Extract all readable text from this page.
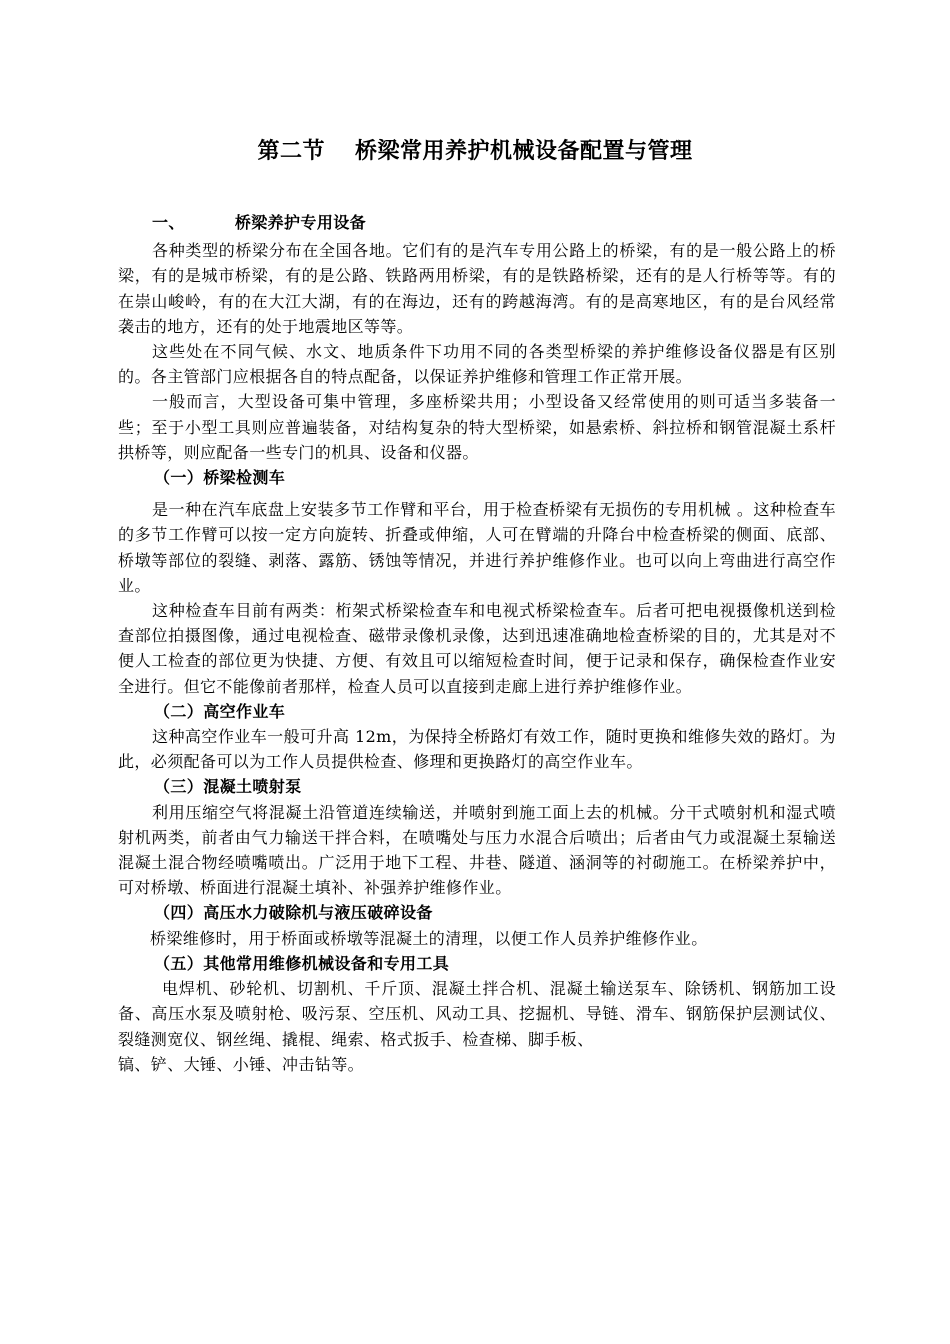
第二节 桥梁常用养护机械设备配置与管理

一、	桥梁养护专用设备

各种类型的桥梁分布在全国各地。它们有的是汽车专用公路上的桥梁，有的是一般公路上的桥梁，有的是城市桥梁，有的是公路、铁路两用桥梁，有的是铁路桥梁，还有的是人行桥等等。有的在崇山峻岭，有的在大江大湖，有的在海边，还有的跨越海湾。有的是高寒地区，有的是台风经常袭击的地方，还有的处于地震地区等等。

这些处在不同气候、水文、地质条件下功用不同的各类型桥梁的养护维修设备仪器是有区别的。各主管部门应根据各自的特点配备，以保证养护维修和管理工作正常开展。

一般而言，大型设备可集中管理，多座桥梁共用；小型设备又经常使用的则可适当多装备一些；至于小型工具则应普遍装备，对结构复杂的特大型桥梁，如悬索桥、斜拉桥和钢管混凝土系杆拱桥等，则应配备一些专门的机具、设备和仪器。

（一）桥梁检测车

是一种在汽车底盘上安装多节工作臂和平台，用于检查桥梁有无损伤的专用机械 。这种检查车的多节工作臂可以按一定方向旋转、折叠或伸缩，人可在臂端的升降台中检查桥梁的侧面、底部、桥墩等部位的裂缝、剥落、露筋、锈蚀等情况，并进行养护维修作业。也可以向上弯曲进行高空作业。

这种检查车目前有两类：桁架式桥梁检查车和电视式桥梁检查车。后者可把电视摄像机送到检查部位拍摄图像，通过电视检查、磁带录像机录像，达到迅速准确地检查桥梁的目的，尤其是对不便人工检查的部位更为快捷、方便、有效且可以缩短检查时间，便于记录和保存，确保检查作业安全进行。但它不能像前者那样，检查人员可以直接到走廊上进行养护维修作业。

（二）高空作业车

这种高空作业车一般可升高 12m，为保持全桥路灯有效工作，随时更换和维修失效的路灯。为此，必须配备可以为工作人员提供检查、修理和更换路灯的高空作业车。

（三）混凝土喷射泵

利用压缩空气将混凝土沿管道连续输送，并喷射到施工面上去的机械。分干式喷射机和湿式喷射机两类，前者由气力输送干拌合料，在喷嘴处与压力水混合后喷出；后者由气力或混凝土泵输送混凝土混合物经喷嘴喷出。广泛用于地下工程、井巷、隧道、涵洞等的衬砌施工。在桥梁养护中，可对桥墩、桥面进行混凝土填补、补强养护维修作业。

（四）高压水力破除机与液压破碎设备

桥梁维修时，用于桥面或桥墩等混凝土的清理，以便工作人员养护维修作业。

（五）其他常用维修机械设备和专用工具

电焊机、砂轮机、切割机、千斤顶、混凝土拌合机、混凝土输送泵车、除锈机、钢筋加工设备、高压水泵及喷射枪、吸污泵、空压机、风动工具、挖掘机、导链、滑车、钢筋保护层测试仪、裂缝测宽仪、钢丝绳、撬棍、绳索、格式扳手、检查梯、脚手板、

镐、铲、大锤、小锤、冲击钻等。
